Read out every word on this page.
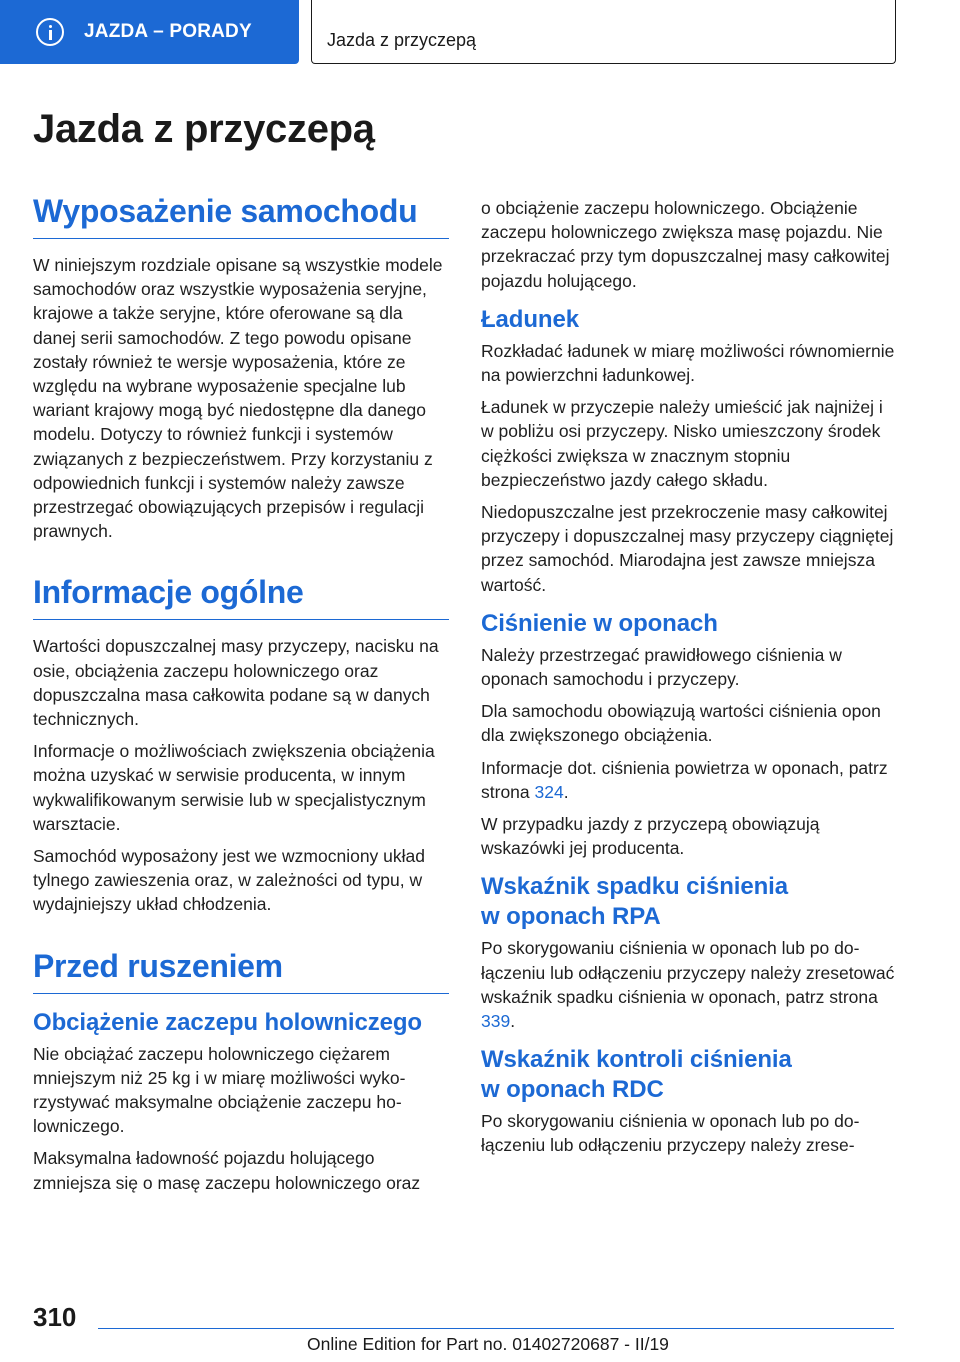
JAZDA – PORADY	Jazda z przyczepą
Jazda z przyczepą
Wyposażenie samochodu

W niniejszym rozdziale opisane są wszystkie modele samochodów oraz wszystkie wyposażenia seryjne, krajowe a także seryjne, które oferowane są dla danej serii samochodów. Z tego powodu opisane zostały również te wersje wyposażenia, które ze względu na wybrane wyposażenie specjalne lub wariant krajowy mogą być niedostępne dla danego modelu. Dotyczy to również funkcji i systemów związanych z bezpieczeństwem. Przy korzystaniu z odpowiednich funkcji i systemów należy zawsze przestrzegać obowiązujących przepisów i regulacji prawnych.

Informacje ogólne

Wartości dopuszczalnej masy przyczepy, nacisku na osie, obciążenia zaczepu holowniczego oraz dopuszczalna masa całkowita podane są w danych technicznych.

Informacje o możliwościach zwiększenia obciążenia można uzyskać w serwisie producenta, w innym wykwalifikowanym serwisie lub w specjalistycznym warsztacie.

Samochód wyposażony jest we wzmocniony układ tylnego zawieszenia oraz, w zależności od typu, w wydajniejszy układ chłodzenia.

Przed ruszeniem
Obciążenie zaczepu holowniczego

Nie obciążać zaczepu holowniczego ciężarem mniejszym niż 25 kg i w miarę możliwości wykorzystywać maksymalne obciążenie zaczepu holowniczego.

Maksymalna ładowność pojazdu holującego zmniejsza się o masę zaczepu holowniczego oraz

o obciążenie zaczepu holowniczego. Obciążenie zaczepu holowniczego zwiększa masę pojazdu. Nie przekraczać przy tym dopuszczalnej masy całkowitej pojazdu holującego.

Ładunek

Rozkładać ładunek w miarę możliwości równomiernie na powierzchni ładunkowej.

Ładunek w przyczepie należy umieścić jak najniżej i w pobliżu osi przyczepy. Nisko umieszczony środek ciężkości zwiększa w znacznym stopniu bezpieczeństwo jazdy całego składu.

Niedopuszczalne jest przekroczenie masy całkowitej przyczepy i dopuszczalnej masy przyczepy ciągniętej przez samochód. Miarodajna jest zawsze mniejsza wartość.

Ciśnienie w oponach

Należy przestrzegać prawidłowego ciśnienia w oponach samochodu i przyczepy.

Dla samochodu obowiązują wartości ciśnienia opon dla zwiększonego obciążenia.

Informacje dot. ciśnienia powietrza w oponach, patrz strona 324.

W przypadku jazdy z przyczepą obowiązują wskazówki jej producenta.

Wskaźnik spadku ciśnienia
w oponach RPA

Po skorygowaniu ciśnienia w oponach lub po dołączeniu lub odłączeniu przyczepy należy zresetować wskaźnik spadku ciśnienia w oponach, patrz strona 339.

Wskaźnik kontroli ciśnienia
w oponach RDC

Po skorygowaniu ciśnienia w oponach lub po dołączeniu lub odłączeniu przyczepy należy zrese-

310
Online Edition for Part no. 01402720687 - II/19
